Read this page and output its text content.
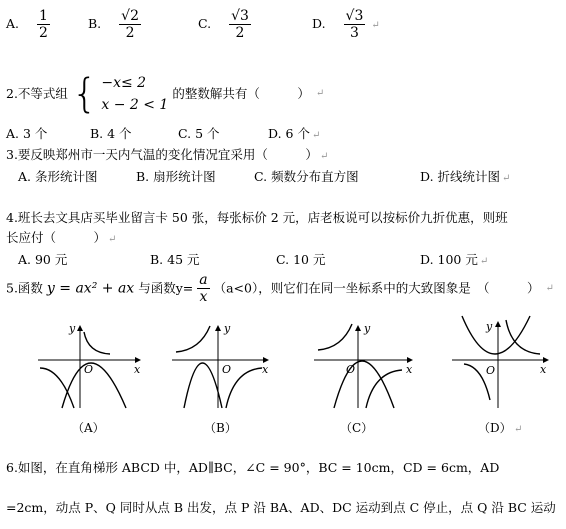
A. $\frac{1}{2}$	B. $\frac{√2}{2}$	C. $\frac{√3}{2}$	D. $\frac{√3}{3}$ ↵
2.不等式组 { −x≤ 2
x − 2 < 1
的整数解共有（　　　） ↵
A. 3 个	B. 4 个	C. 5 个	D. 6 个 ↵
3.要反映郑州市一天内气温的变化情况宜采用（　　　） ↵
A. 条形统计图	B. 扇形统计图	C. 频数分布直方图	D. 折线统计图 ↵
4.班长去文具店买毕业留言卡 50 张，每张标价 2 元，店老板说可以按标价九折优惠，则班
长应付（　　　） ↵
A. 90 元	B. 45 元	C. 10 元	D. 100 元 ↵
5.函数 y = ax² + ax 与函数$y= \frac{a}{x} (a<0)$，则它们在同一坐标系中的大致图象是　（　　　） ↵
x
y
O
（A）
x
y
O
（B）
x
y
O
（C）
x
y
O
（D） ↵
6.如图，在直角梯形 ABCD 中，AD∥BC，∠C = 90°，BC = 10cm，CD = 6cm，AD
=2cm，动点 P、Q 同时从点 B 出发，点 P 沿 BA、AD、DC 运动到点 C 停止，点 Q 沿 BC 运动
